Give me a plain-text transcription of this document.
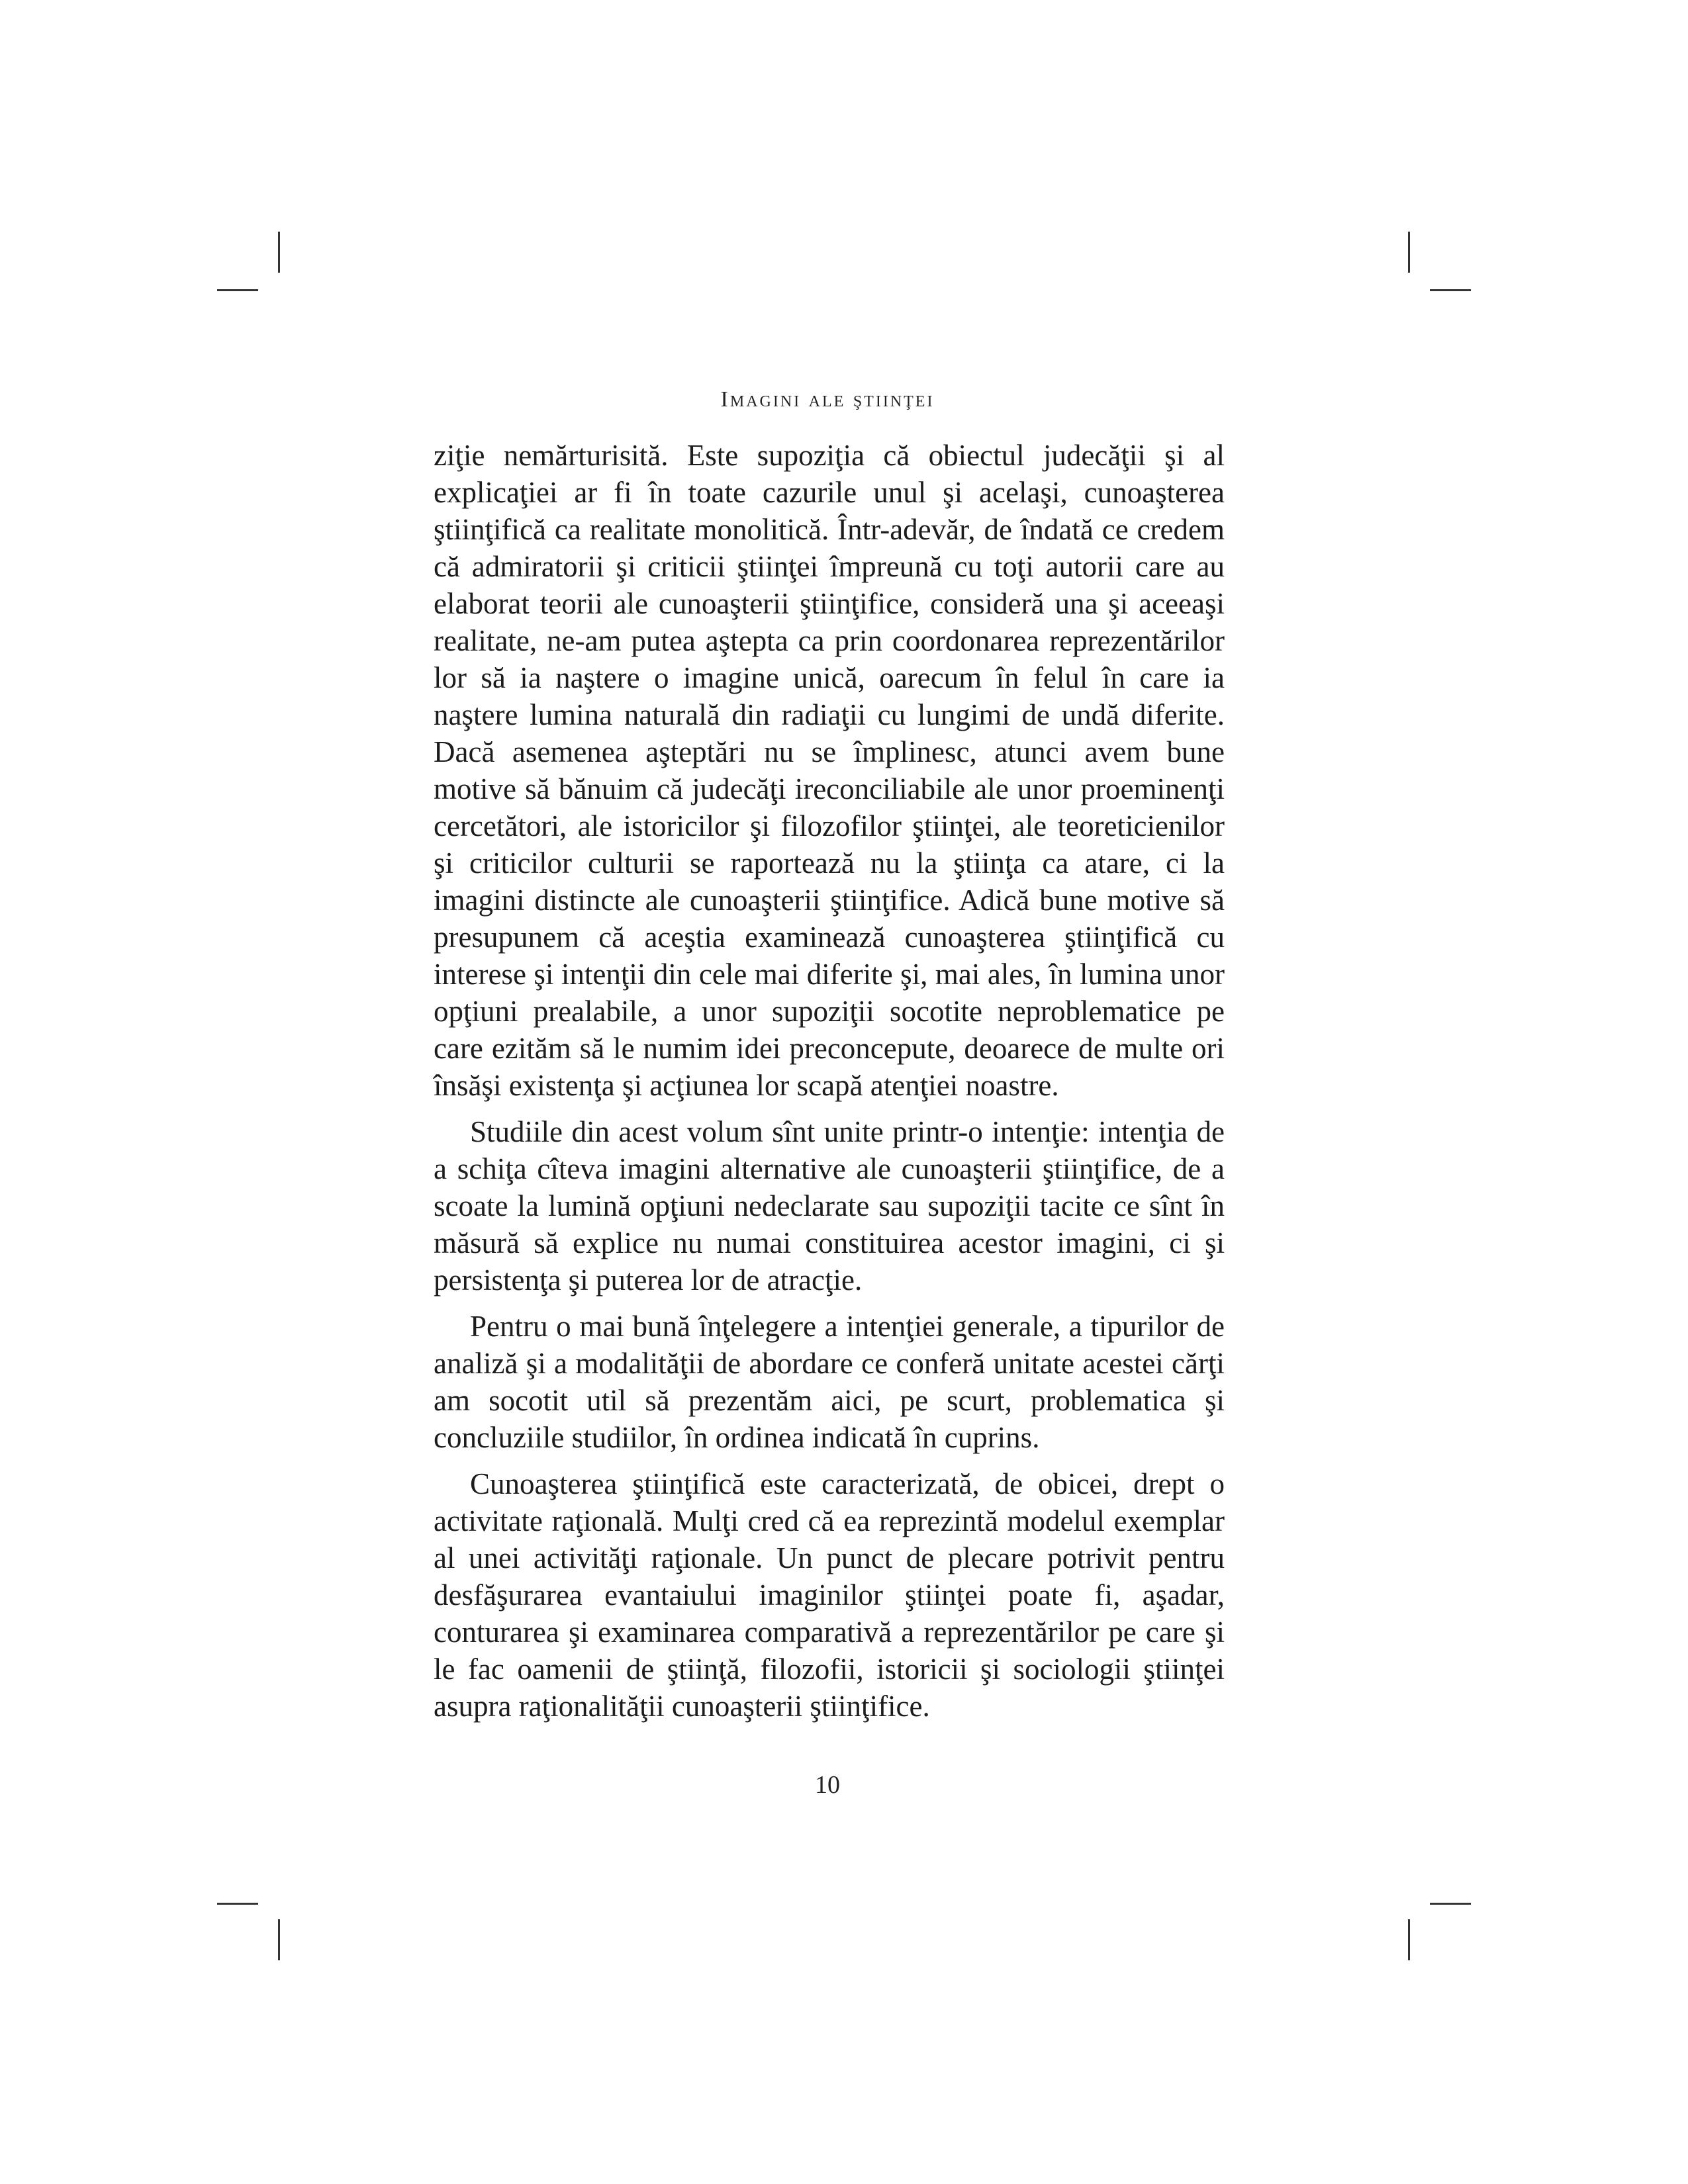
Imagini ale ştiinţei

ziţie nemărturisită. Este supoziţia că obiectul judecăţii şi al explicaţiei ar fi în toate cazurile unul şi acelaşi, cunoaşterea ştiinţifică ca realitate monolitică. Într-adevăr, de îndată ce credem că admiratorii şi criticii ştiinţei împreună cu toţi autorii care au elaborat teorii ale cunoaşterii ştiinţifice, consideră una şi aceeaşi realitate, ne-am putea aştepta ca prin coordonarea reprezentărilor lor să ia naştere o imagine unică, oarecum în felul în care ia naştere lumina naturală din radiaţii cu lungimi de undă diferite. Dacă asemenea aşteptări nu se împlinesc, atunci avem bune motive să bănuim că judecăţi ireconciliabile ale unor proeminenţi cercetători, ale istoricilor şi filozofilor ştiinţei, ale teoreticienilor şi criticilor culturii se raportează nu la ştiinţa ca atare, ci la imagini distincte ale cunoaşterii ştiinţifice. Adică bune motive să presupunem că aceştia examinează cunoaşterea ştiinţifică cu interese şi intenţii din cele mai diferite şi, mai ales, în lumina unor opţiuni prealabile, a unor supoziţii socotite neproblematice pe care ezităm să le numim idei preconcepute, deoarece de multe ori însăşi existenţa şi acţiunea lor scapă atenţiei noastre.

Studiile din acest volum sînt unite printr-o intenţie: intenţia de a schiţa cîteva imagini alternative ale cunoaşterii ştiinţifice, de a scoate la lumină opţiuni nedeclarate sau supoziţii tacite ce sînt în măsură să explice nu numai constituirea acestor imagini, ci şi persistenţa şi puterea lor de atracţie.

Pentru o mai bună înţelegere a intenţiei generale, a tipurilor de analiză şi a modalităţii de abordare ce conferă unitate acestei cărţi am socotit util să prezentăm aici, pe scurt, problematica şi concluziile studiilor, în ordinea indicată în cuprins.

Cunoaşterea ştiinţifică este caracterizată, de obicei, drept o activitate raţională. Mulţi cred că ea reprezintă modelul exemplar al unei activităţi raţionale. Un punct de plecare potrivit pentru desfăşurarea evantaiului imaginilor ştiinţei poate fi, aşadar, conturarea şi examinarea comparativă a reprezentărilor pe care şi le fac oamenii de ştiinţă, filozofii, istoricii şi sociologii ştiinţei asupra raţionalităţii cunoaşterii ştiinţifice.

10
